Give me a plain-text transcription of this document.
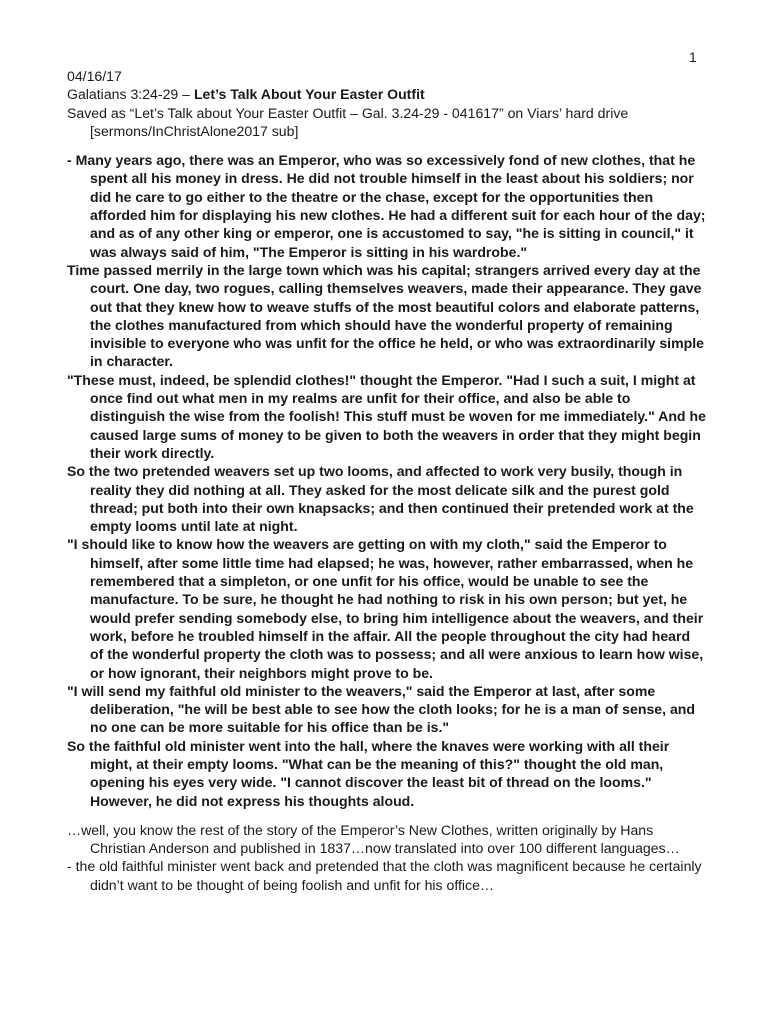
1

04/16/17

Galatians 3:24-29 – Let’s Talk About Your Easter Outfit

Saved as “Let’s Talk about Your Easter Outfit – Gal. 3.24-29 - 041617” on Viars’ hard drive [sermons/InChristAlone2017 sub]

- Many years ago, there was an Emperor, who was so excessively fond of new clothes, that he spent all his money in dress. He did not trouble himself in the least about his soldiers; nor did he care to go either to the theatre or the chase, except for the opportunities then afforded him for displaying his new clothes. He had a different suit for each hour of the day; and as of any other king or emperor, one is accustomed to say, "he is sitting in council," it was always said of him, "The Emperor is sitting in his wardrobe."

Time passed merrily in the large town which was his capital; strangers arrived every day at the court. One day, two rogues, calling themselves weavers, made their appearance. They gave out that they knew how to weave stuffs of the most beautiful colors and elaborate patterns, the clothes manufactured from which should have the wonderful property of remaining invisible to everyone who was unfit for the office he held, or who was extraordinarily simple in character.

"These must, indeed, be splendid clothes!" thought the Emperor. "Had I such a suit, I might at once find out what men in my realms are unfit for their office, and also be able to distinguish the wise from the foolish! This stuff must be woven for me immediately." And he caused large sums of money to be given to both the weavers in order that they might begin their work directly.

So the two pretended weavers set up two looms, and affected to work very busily, though in reality they did nothing at all. They asked for the most delicate silk and the purest gold thread; put both into their own knapsacks; and then continued their pretended work at the empty looms until late at night.

"I should like to know how the weavers are getting on with my cloth," said the Emperor to himself, after some little time had elapsed; he was, however, rather embarrassed, when he remembered that a simpleton, or one unfit for his office, would be unable to see the manufacture. To be sure, he thought he had nothing to risk in his own person; but yet, he would prefer sending somebody else, to bring him intelligence about the weavers, and their work, before he troubled himself in the affair. All the people throughout the city had heard of the wonderful property the cloth was to possess; and all were anxious to learn how wise, or how ignorant, their neighbors might prove to be.

"I will send my faithful old minister to the weavers," said the Emperor at last, after some deliberation, "he will be best able to see how the cloth looks; for he is a man of sense, and no one can be more suitable for his office than be is."

So the faithful old minister went into the hall, where the knaves were working with all their might, at their empty looms. "What can be the meaning of this?" thought the old man, opening his eyes very wide. "I cannot discover the least bit of thread on the looms." However, he did not express his thoughts aloud.

…well, you know the rest of the story of the Emperor’s New Clothes, written originally by Hans Christian Anderson and published in 1837…now translated into over 100 different languages…

- the old faithful minister went back and pretended that the cloth was magnificent because he certainly didn’t want to be thought of being foolish and unfit for his office…
